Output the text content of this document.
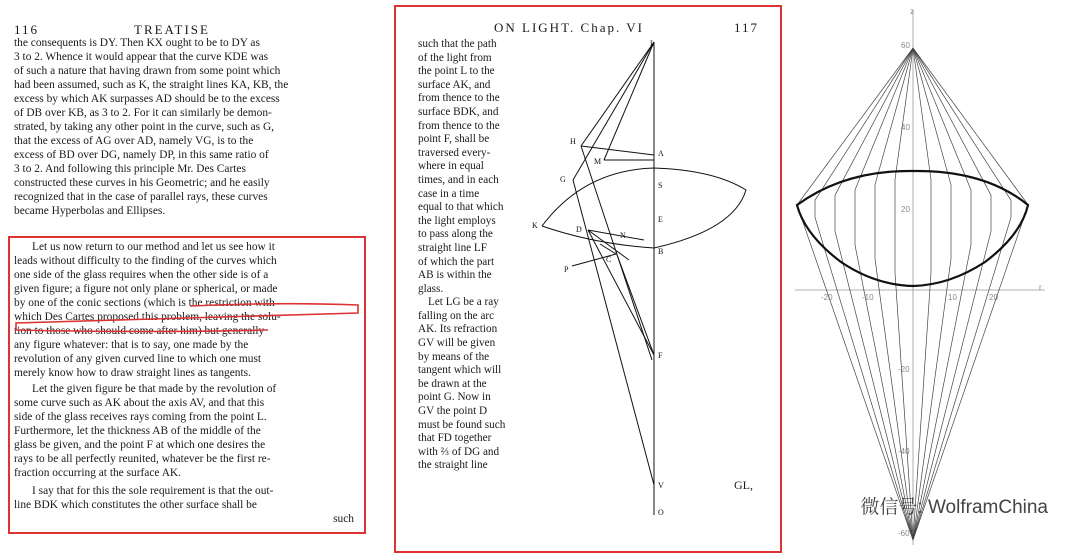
116	TREATISE
the consequents is DY. Then KX ought to be to DY as
3 to 2. Whence it would appear that the curve KDE was
of such a nature that having drawn from some point which
had been assumed, such as K, the straight lines KA, KB, the
excess by which AK surpasses AD should be to the excess
of DB over KB, as 3 to 2. For it can similarly be demon-
strated, by taking any other point in the curve, such as G,
that the excess of AG over AD, namely VG, is to the
excess of BD over DG, namely DP, in this same ratio of
3 to 2. And following this principle Mr. Des Cartes
constructed these curves in his Geometric; and he easily
recognized that in the case of parallel rays, these curves
became Hyperbolas and Ellipses.
Let us now return to our method and let us see how it
leads without difficulty to the finding of the curves which
one side of the glass requires when the other side is of a
given figure; a figure not only plane or spherical, or made
by one of the conic sections (which is the restriction with
which Des Cartes proposed this problem, leaving the solu-
tion to those who should come after him) but generally
any figure whatever: that is to say, one made by the
revolution of any given curved line to which one must
merely know how to draw straight lines as tangents.
Let the given figure be that made by the revolution of
some curve such as AK about the axis AV, and that this
side of the glass receives rays coming from the point L.
Furthermore, let the thickness AB of the middle of the
glass be given, and the point F at which one desires the
rays to be all perfectly reunited, whatever be the first re-
fraction occurring at the surface AK.
I say that for this the sole requirement is that the out-
line BDK which constitutes the other surface shall be
such
ON LIGHT. Chap. VI	117
such that the path
of the light from
the point L to the
surface AK, and
from thence to the
surface BDK, and
from thence to the
point F, shall be
traversed every-
where in equal
times, and in each
case in a time
equal to that which
the light employs
to pass along the
straight line LF
of which the part
AB is within the
glass.
Let LG be a ray
falling on the arc
AK. Its refraction
GV will be given
by means of the
tangent which will
be drawn at the
point G. Now in
GV the point D
must be found such
that FD together
with ⅔ of DG and
the straight line
L
H
M
A
G
S
E
K	D
N
B
C
P
F
V
O
GL,
z
r
60
40
20
-20
-40
-60
-20	-10	10	20
微信号: WolframChina
